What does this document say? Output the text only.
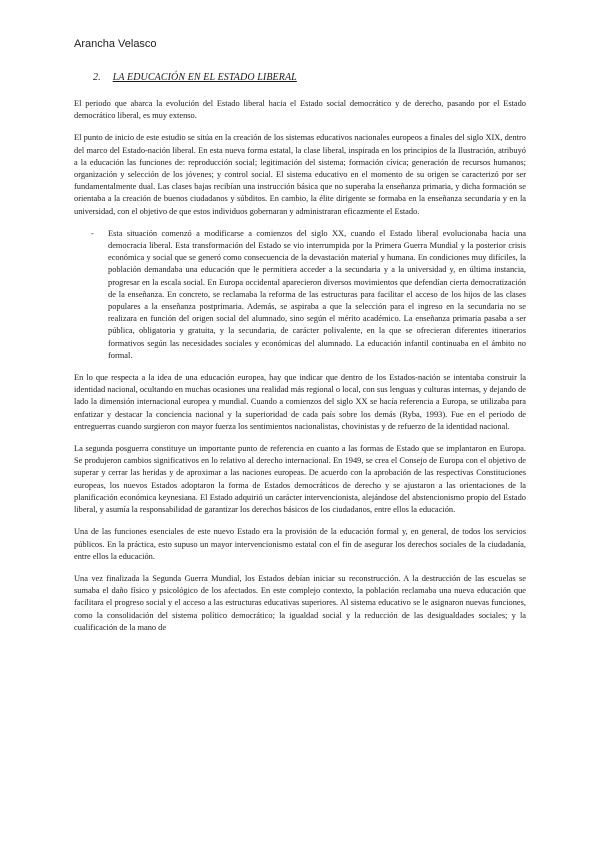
Arancha Velasco
2. LA EDUCACIÓN EN EL ESTADO LIBERAL

El periodo que abarca la evolución del Estado liberal hacia el Estado social democrático y de derecho, pasando por el Estado democrático liberal, es muy extenso.

El punto de inicio de este estudio se sitúa en la creación de los sistemas educativos nacionales europeos a finales del siglo XIX, dentro del marco del Estado-nación liberal. En esta nueva forma estatal, la clase liberal, inspirada en los principios de la Ilustración, atribuyó a la educación las funciones de: reproducción social; legitimación del sistema; formación cívica; generación de recursos humanos; organización y selección de los jóvenes; y control social. El sistema educativo en el momento de su origen se caracterizó por ser fundamentalmente dual. Las clases bajas recibían una instrucción básica que no superaba la enseñanza primaria, y dicha formación se orientaba a la creación de buenos ciudadanos y súbditos. En cambio, la élite dirigente se formaba en la enseñanza secundaria y en la universidad, con el objetivo de que estos individuos gobernaran y administraran eficazmente el Estado.

-	Esta situación comenzó a modificarse a comienzos del siglo XX, cuando el Estado liberal evolucionaba hacia una democracia liberal. Esta transformación del Estado se vio interrumpida por la Primera Guerra Mundial y la posterior crisis económica y social que se generó como consecuencia de la devastación material y humana. En condiciones muy difíciles, la población demandaba una educación que le permitiera acceder a la secundaria y a la universidad y, en última instancia, progresar en la escala social. En Europa occidental aparecieron diversos movimientos que defendían cierta democratización de la enseñanza. En concreto, se reclamaba la reforma de las estructuras para facilitar el acceso de los hijos de las clases populares a la enseñanza postprimaria. Además, se aspiraba a que la selección para el ingreso en la secundaria no se realizara en función del origen social del alumnado, sino según el mérito académico. La enseñanza primaria pasaba a ser pública, obligatoria y gratuita, y la secundaria, de carácter polivalente, en la que se ofrecieran diferentes itinerarios formativos según las necesidades sociales y económicas del alumnado. La educación infantil continuaba en el ámbito no formal.

En lo que respecta a la idea de una educación europea, hay que indicar que dentro de los Estados-nación se intentaba construir la identidad nacional, ocultando en muchas ocasiones una realidad más regional o local, con sus lenguas y culturas internas, y dejando de lado la dimensión internacional europea y mundial. Cuando a comienzos del siglo XX se hacía referencia a Europa, se utilizaba para enfatizar y destacar la conciencia nacional y la superioridad de cada país sobre los demás (Ryba, 1993). Fue en el periodo de entreguerras cuando surgieron con mayor fuerza los sentimientos nacionalistas, chovinistas y de refuerzo de la identidad nacional.

La segunda posguerra constituye un importante punto de referencia en cuanto a las formas de Estado que se implantaron en Europa. Se produjeron cambios significativos en lo relativo al derecho internacional. En 1949, se crea el Consejo de Europa con el objetivo de superar y cerrar las heridas y de aproximar a las naciones europeas. De acuerdo con la aprobación de las respectivas Constituciones europeas, los nuevos Estados adoptaron la forma de Estados democráticos de derecho y se ajustaron a las orientaciones de la planificación económica keynesiana. El Estado adquirió un carácter intervencionista, alejándose del abstencionismo propio del Estado liberal, y asumía la responsabilidad de garantizar los derechos básicos de los ciudadanos, entre ellos la educación.

Una de las funciones esenciales de este nuevo Estado era la provisión de la educación formal y, en general, de todos los servicios públicos. En la práctica, esto supuso un mayor intervencionismo estatal con el fin de asegurar los derechos sociales de la ciudadanía, entre ellos la educación.

Una vez finalizada la Segunda Guerra Mundial, los Estados debían iniciar su reconstrucción. A la destrucción de las escuelas se sumaba el daño físico y psicológico de los afectados. En este complejo contexto, la población reclamaba una nueva educación que facilitara el progreso social y el acceso a las estructuras educativas superiores. Al sistema educativo se le asignaron nuevas funciones, como la consolidación del sistema político democrático; la igualdad social y la reducción de las desigualdades sociales; y la cualificación de la mano de
